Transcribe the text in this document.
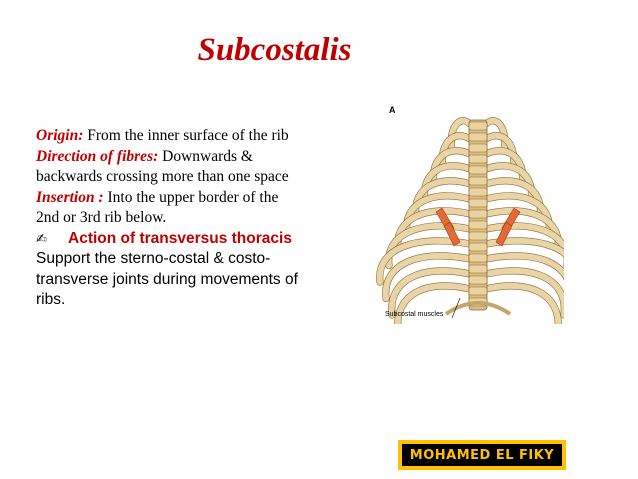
Subcostalis
Origin: From the inner surface of the rib
Direction of fibres: Downwards &
backwards crossing more than one space
Insertion : Into the upper border of the
2nd or 3rd rib below.
✍ Action of transversus thoracis
Support the sterno-costal & costo-
transverse joints during movements of
ribs.
A
Subcostal muscles
MOHAMED EL FIKY
